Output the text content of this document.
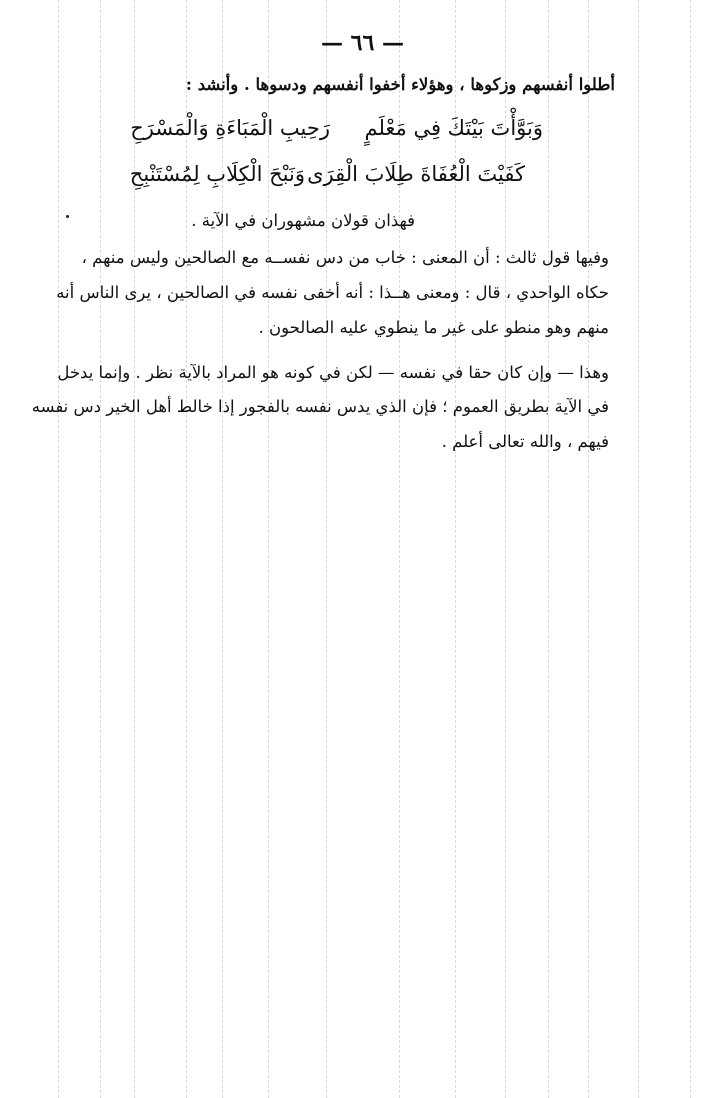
— ٦٦ —
أطلوا أنفسهم وزكوها ، وهؤلاء أخفوا أنفسهم ودسوها . وأنشد :
وَبَوَّأْتَ بَيْتَكَ فِي مَعْلَمٍ
رَحِيبِ الْمَبَاءَةِ وَالْمَسْرَحِ
كَفَيْتَ الْعُفَاةَ طِلَابَ الْقِرَى
وَنَبْحَ الْكِلَابِ لِمُسْتَنْبِحِ
فهذان قولان مشهوران في الآية .
وفيها قول ثالث : أن المعنى : خاب من دس نفســه مع الصالحين وليس منهم ،
حكاه الواحدي ، قال : ومعنى هــذا : أنه أخفى نفسه في الصالحين ، يرى الناس أنه
منهم وهو منطو على غير ما ينطوي عليه الصالحون .
وهذا — وإن كان حقا في نفسه — لكن في كونه هو المراد بالآية نظر . وإنما يدخل
في الآية بطريق العموم ؛ فإن الذي يدس نفسه بالفجور إذا خالط أهل الخير دس نفسه
فيهم ، والله تعالى أعلم .
